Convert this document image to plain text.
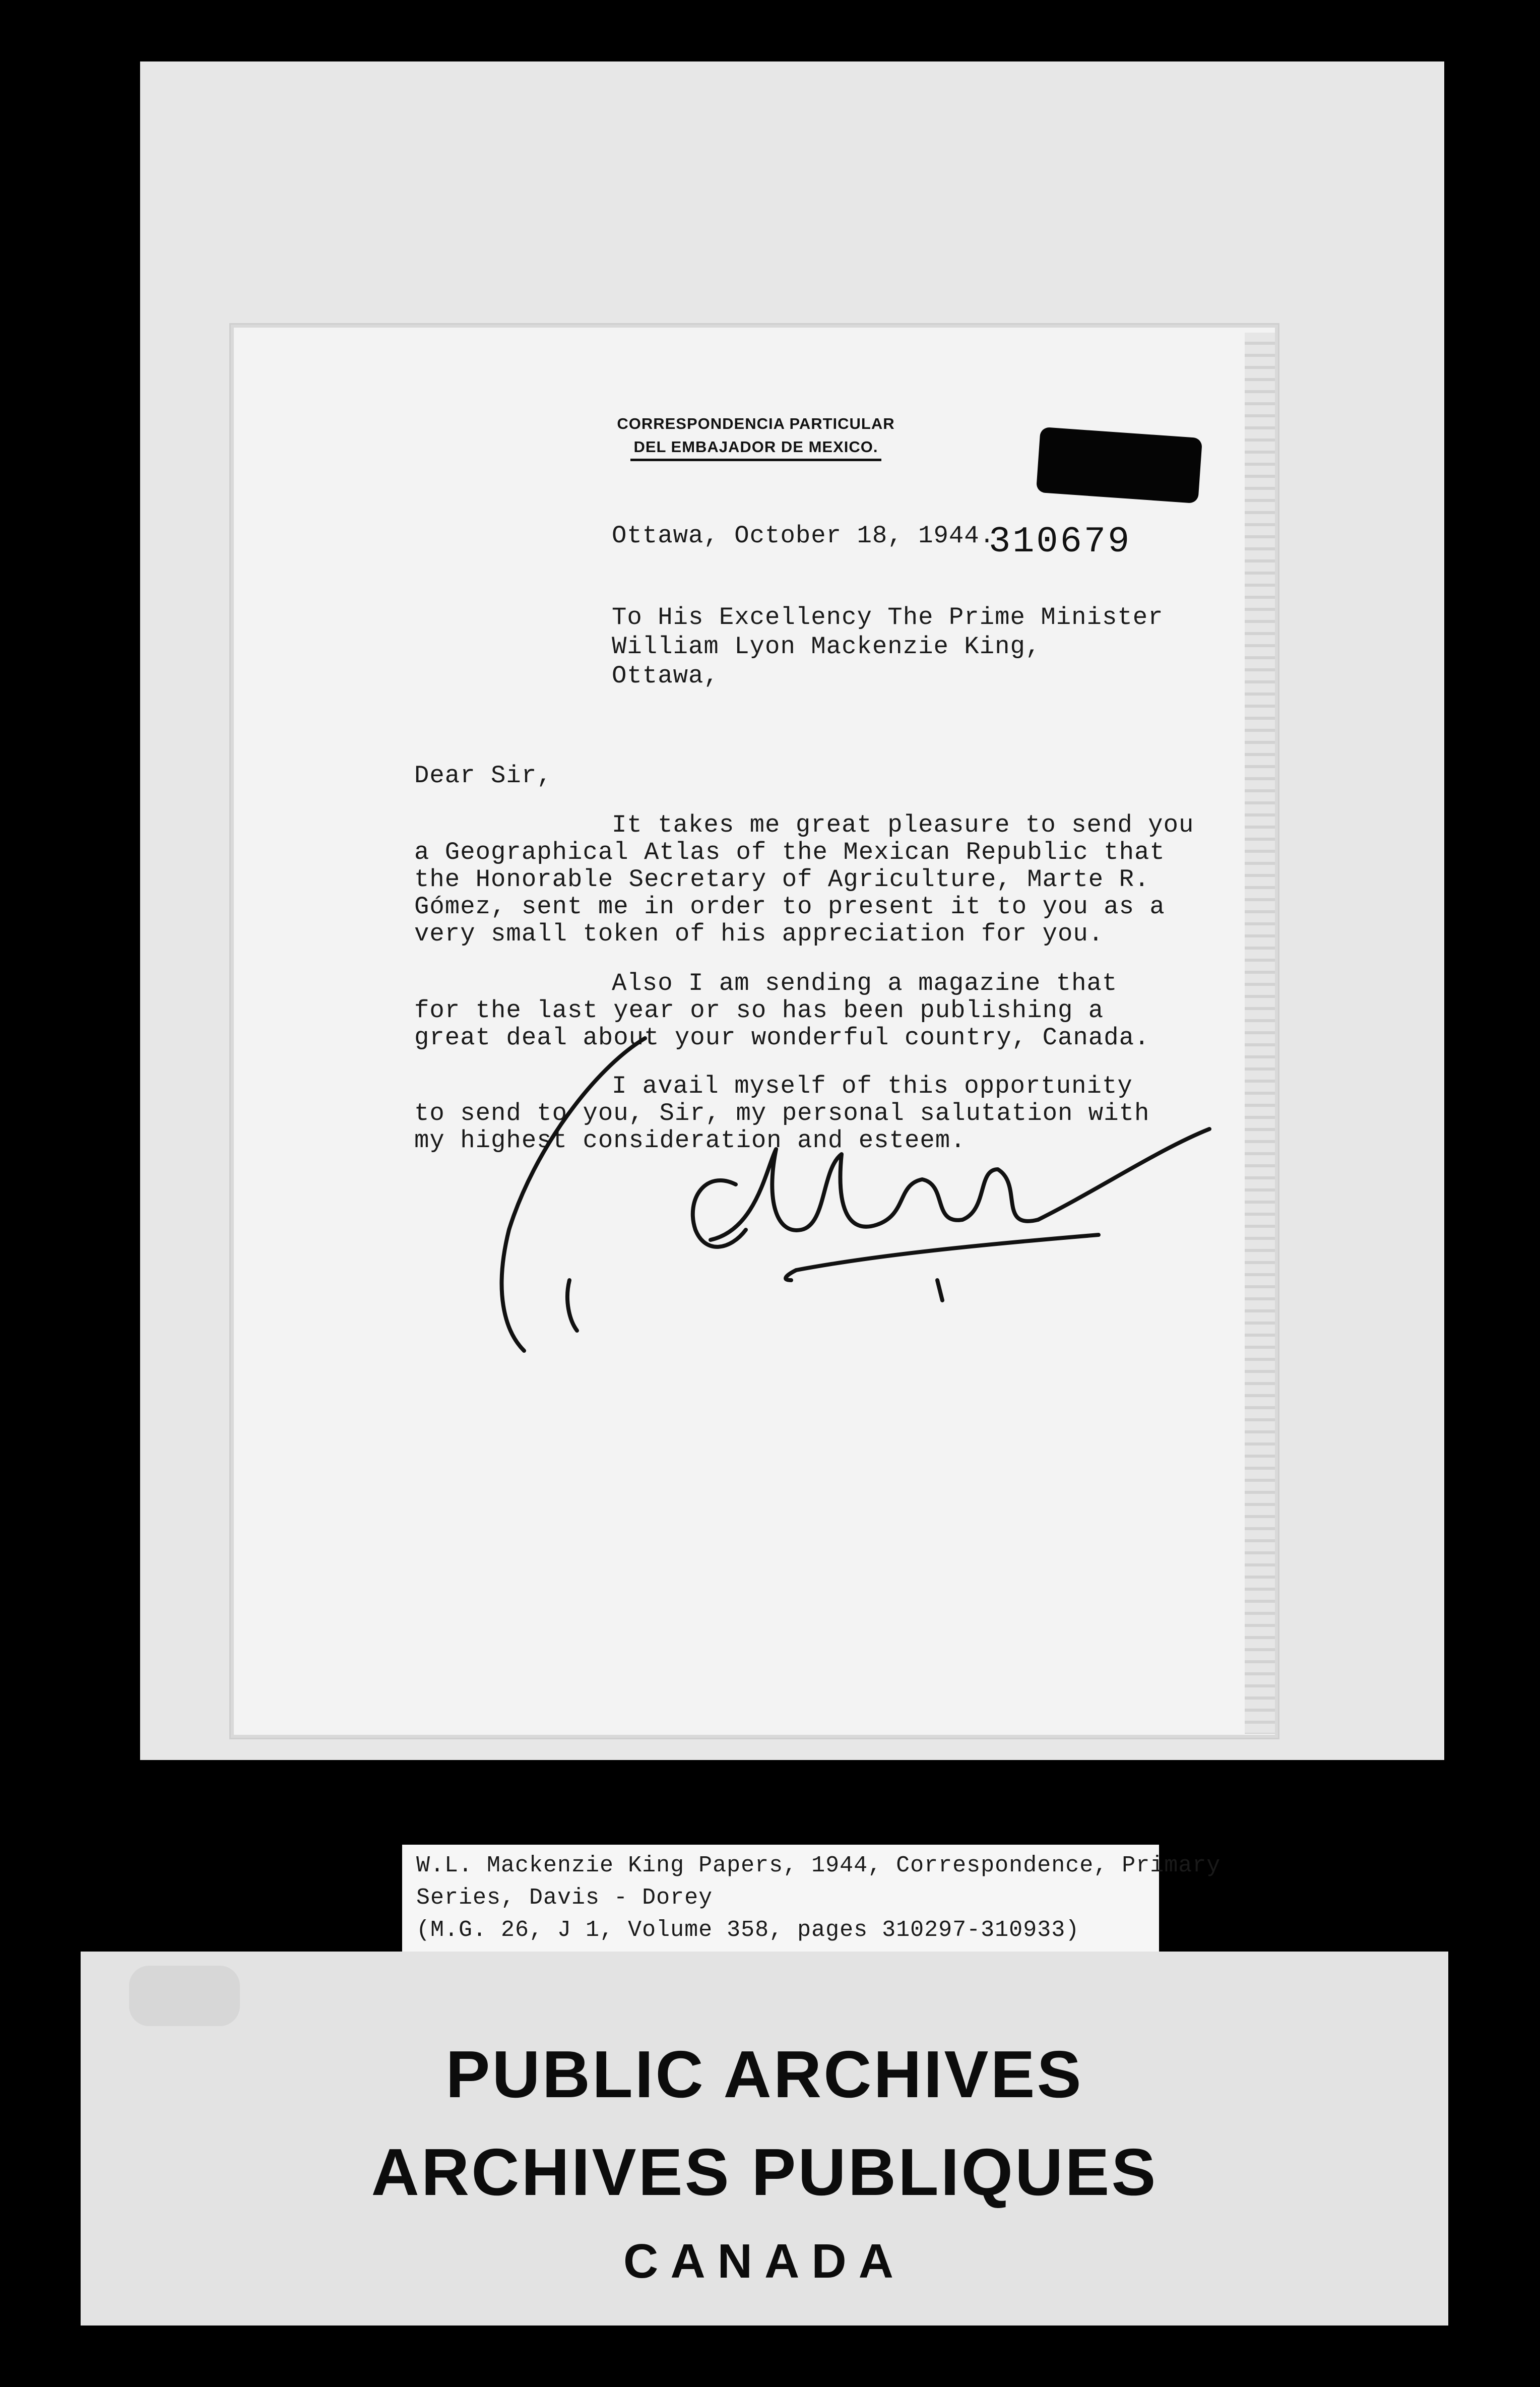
CORRESPONDENCIA PARTICULAR

DEL EMBAJADOR DE MEXICO.
Ottawa, October 18, 1944.
310679
To His Excellency The Prime Minister
William Lyon Mackenzie King,
Ottawa,
Dear Sir,
It takes me great pleasure to send you
a Geographical Atlas of the Mexican Republic that
the Honorable Secretary of Agriculture, Marte R.
Gómez, sent me in order to present it to you as a
very small token of his appreciation for you.
Also I am sending a magazine that
for the last year or so has been publishing a
great deal about your wonderful country, Canada.
I avail myself of this opportunity
to send to you, Sir, my personal salutation with
my highest consideration and esteem.
W.L. Mackenzie King Papers, 1944, Correspondence, Primary
Series, Davis - Dorey
(M.G. 26, J 1, Volume 358, pages 310297-310933)
PUBLIC ARCHIVES
ARCHIVES PUBLIQUES
CANADA
